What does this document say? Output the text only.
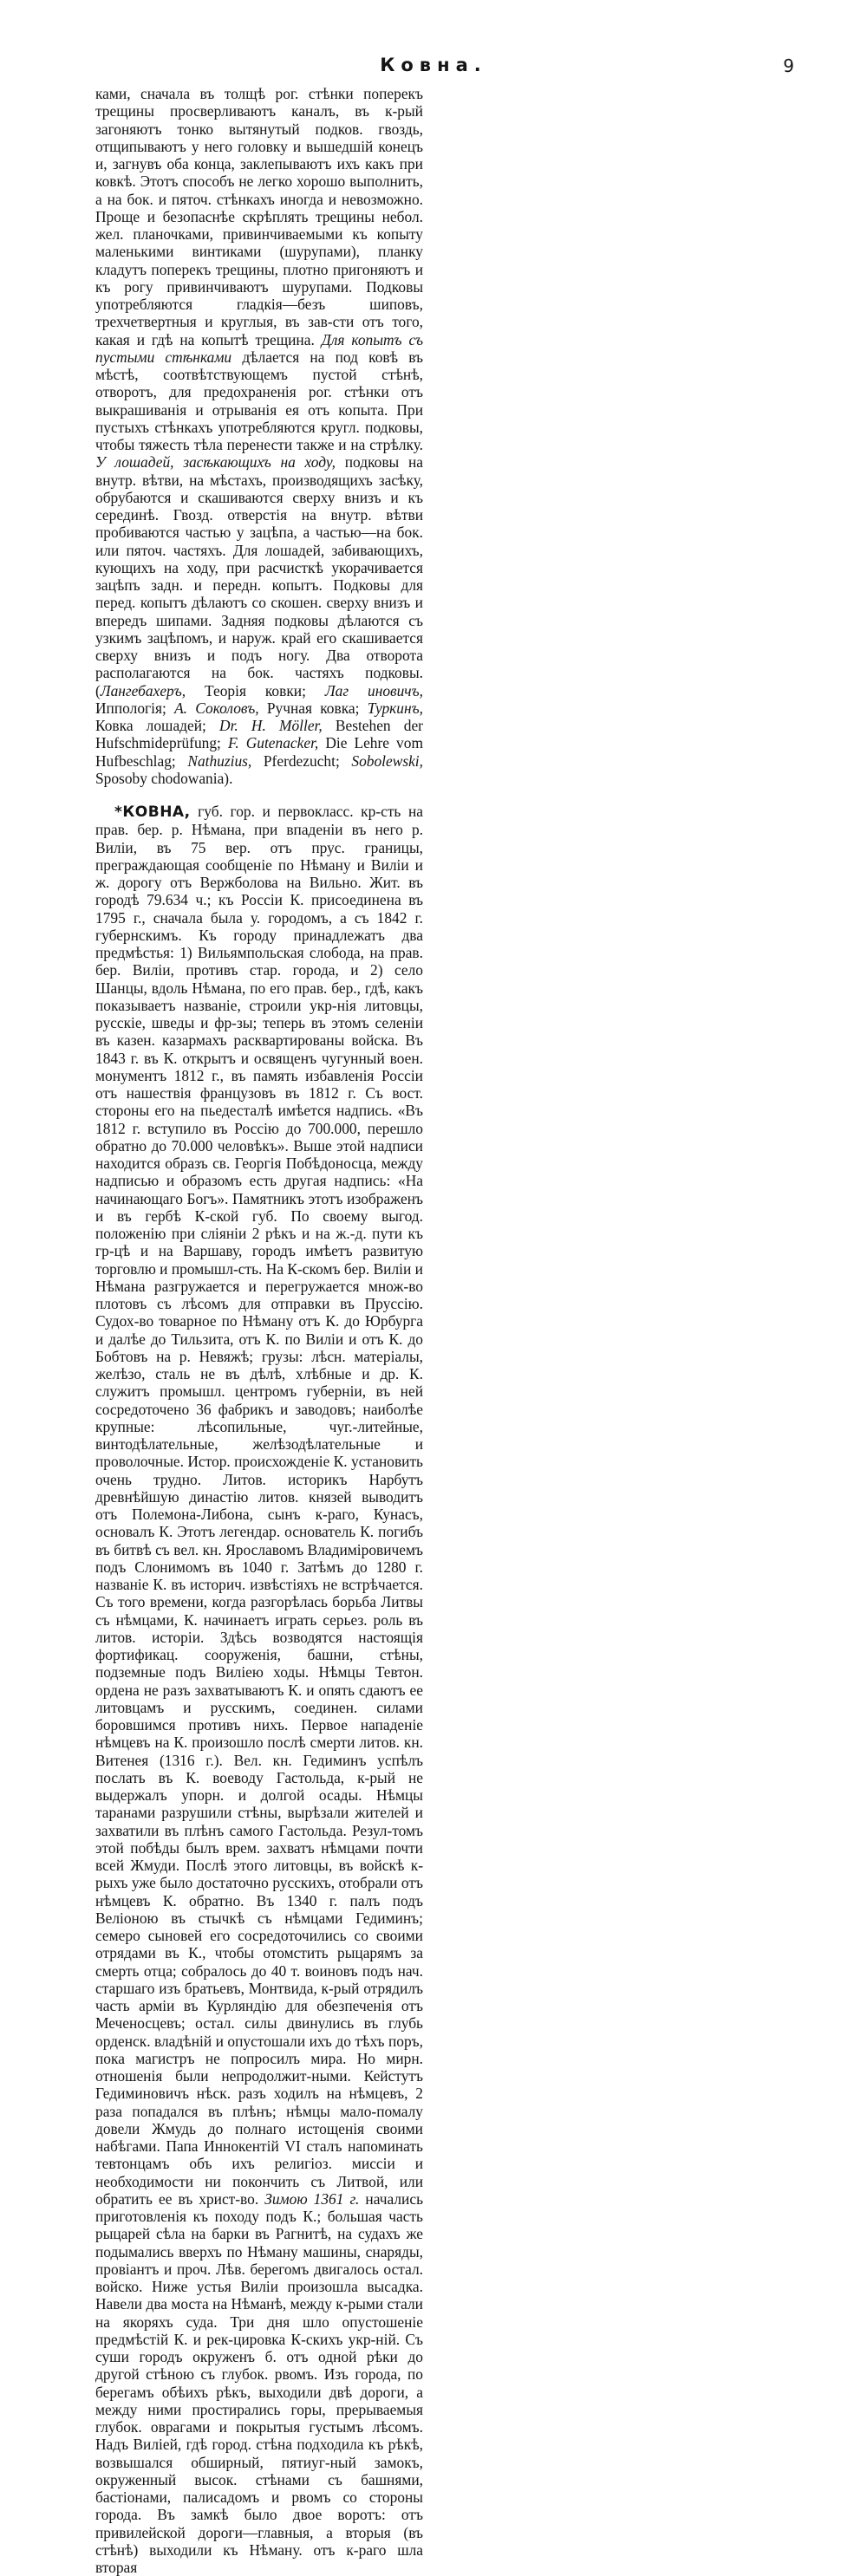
Ковна.	9

ками, сначала въ толщѣ рог. стѣнки поперекъ трещины просверливаютъ каналъ, въ к-рый загоняютъ тонко вытянутый подков. гвоздь, отщипываютъ у него головку и вышедшій конецъ и, загнувъ оба конца, заклепываютъ ихъ какъ при ковкѣ. Этотъ способъ не легко хорошо выполнить, а на бок. и пяточ. стѣнкахъ иногда и невозможно. Проще и безопаснѣе скрѣплять трещины небол. жел. планочками, привинчиваемыми къ копыту маленькими винтиками (шурупами), планку кладутъ поперекъ трещины, плотно пригоняютъ и къ рогу привинчиваютъ шурупами. Подковы употребляются гладкія—безъ шиповъ, трехчетвертныя и круглыя, въ зав-сти отъ того, какая и гдѣ на копытѣ трещина. Для копытъ съ пустыми стѣнками дѣлается на под ковѣ въ мѣстѣ, соотвѣтствующемъ пустой стѣнѣ, отворотъ, для предохраненія рог. стѣнки отъ выкрашиванія и отрыванія ея отъ копыта. При пустыхъ стѣнкахъ употребляются кругл. подковы, чтобы тяжесть тѣла перенести также и на стрѣлку. У лошадей, засѣкающихъ на ходу, подковы на внутр. вѣтви, на мѣстахъ, производящихъ засѣку, обрубаются и скашиваются сверху внизъ и къ серединѣ. Гвозд. отверстія на внутр. вѣтви пробиваются частью у зацѣпа, а частью—на бок. или пяточ. частяхъ. Для лошадей, забивающихъ, кующихъ на ходу, при расчисткѣ укорачивается зацѣпъ задн. и передн. копытъ. Подковы для перед. копытъ дѣлаютъ со скошен. сверху внизъ и впередъ шипами. Задняя подковы дѣлаются съ узкимъ зацѣпомъ, и наруж. край его скашивается сверху внизъ и подъ ногу. Два отворота располагаются на бок. частяхъ подковы. (Лангебахеръ, Теорія ковки; Лаг иновичъ, Иппологія; А. Соколовъ, Ручная ковка; Туркинъ, Ковка лошадей; Dr. H. Möller, Bestehen der Hufschmideprüfung; F. Gutenacker, Die Lehre vom Hufbeschlag; Nathuzius, Pferdezucht; Sobolewski, Sposoby chodowania).

*КОВНА, губ. гор. и первокласс. кр-сть на прав. бер. р. Нѣмана, при впаденіи въ него р. Виліи, въ 75 вер. отъ прус. границы, преграждающая сообщеніе по Нѣману и Виліи и ж. дорогу отъ Вержболова на Вильно. Жит. въ городѣ 79.634 ч.; къ Россіи К. присоединена въ 1795 г., сначала была у. городомъ, а съ 1842 г. губернскимъ. Къ городу принадлежатъ два предмѣстья: 1) Вильямпольская слобода, на прав. бер. Виліи, противъ стар. города, и 2) село Шанцы, вдоль Нѣмана, по его прав. бер., гдѣ, какъ показываетъ названіе, строили укр-нія литовцы, русскіе, шведы и фр-зы; теперь въ этомъ селеніи въ казен. казармахъ расквартированы войска. Въ 1843 г. въ К. открытъ и освященъ чугунный воен. монументъ 1812 г., въ память избавленія Россіи отъ нашествія французовъ въ 1812 г. Съ вост. стороны его на пьедесталѣ имѣется надпись. «Въ 1812 г. вступило въ Россію до 700.000, перешло обратно до 70.000 человѣкъ». Выше этой надписи находится образъ св. Георгія Побѣдоносца, между надписью и образомъ есть другая надпись: «На начинающаго Богъ». Памятникъ этотъ изображенъ и въ гербѣ К-ской губ. По своему выгод. положенію при сліяніи 2 рѣкъ и на ж.-д. пути къ гр-цѣ и на Варшаву, городъ имѣетъ развитую торговлю и промышл-сть. На К-скомъ бер. Виліи и Нѣмана разгружается и перегружается множ-во плотовъ съ лѣсомъ для отправки въ Пруссію. Судох-во товарное по Нѣману отъ К. до Юрбурга и далѣе до Тильзита, отъ К. по Виліи и отъ К. до Бобтовъ на р. Невяжѣ; грузы: лѣсн. матеріалы, желѣзо, сталь не въ дѣлѣ, хлѣбные и др. К. служитъ промышл. центромъ губерніи, въ ней сосредоточено 36 фабрикъ и заводовъ; наиболѣе крупные: лѣсопильные, чуг.-литейные, винтодѣлательные, желѣзодѣлательные и проволочные. Истор. происхожденіе К. установить очень трудно. Литов. историкъ Нарбутъ древнѣйшую династію литов. князей выводитъ отъ Полемона-Либона, сынъ к-раго, Кунасъ, основалъ К. Этотъ легендар. основатель К. погибъ въ битвѣ съ вел. кн. Ярославомъ Владиміровичемъ подъ Слонимомъ въ 1040 г. Затѣмъ до 1280 г. названіе К. въ историч. извѣстіяхъ не встрѣчается. Съ того времени, когда разгорѣлась борьба Литвы съ нѣмцами, К. начинаетъ играть серьез. роль въ литов. исторіи. Здѣсь возводятся настоящія фортификац. сооруженія, башни, стѣны, подземные подъ Виліею ходы. Нѣмцы Тевтон. ордена не разъ захватываютъ К. и опять сдаютъ ее литовцамъ и русскимъ, соединен. силами боровшимся противъ нихъ. Первое нападеніе нѣмцевъ на К. произошло послѣ смерти литов. кн. Витенея (1316 г.). Вел. кн. Гедиминъ успѣлъ послать въ К. воеводу Гастольда, к-рый не выдержалъ упорн. и долгой осады. Нѣмцы таранами разрушили стѣны, вырѣзали жителей и захватили въ плѣнъ самого Гастольда. Резул-томъ этой побѣды былъ врем. захватъ нѣмцами почти всей Жмуди. Послѣ этого литовцы, въ войскѣ к-рыхъ уже было достаточно русскихъ, отобрали отъ нѣмцевъ К. обратно. Въ 1340 г. палъ подъ Веліоною въ стычкѣ съ нѣмцами Гедиминъ; семеро сыновей его сосредоточились со своими отрядами въ К., чтобы отомстить рыцарямъ за смерть отца; собралось до 40 т. воиновъ подъ нач. старшаго изъ братьевъ, Монтвида, к-рый отрядилъ часть арміи въ Курляндію для обезпеченія отъ Меченосцевъ; остал. силы двинулись въ глубь орденск. владѣній и опустошали ихъ до тѣхъ поръ, пока магистръ не попросилъ мира. Но мирн. отношенія были непродолжит-ными. Кейстутъ Гедиминовичъ нѣск. разъ ходилъ на нѣмцевъ, 2 раза попадался въ плѣнъ; нѣмцы мало-помалу довели Жмудь до полнаго истощенія своими набѣгами. Папа Иннокентій VI сталъ напоминать тевтонцамъ объ ихъ религіоз. миссіи и необходимости ни покончить съ Литвой, или обратить ее въ христ-во. Зимою 1361 г. начались приготовленія къ походу подъ К.; большая часть рыцарей сѣла на барки въ Рагнитѣ, на судахъ же подымались вверхъ по Нѣману машины, снаряды, провіантъ и проч. Лѣв. берегомъ двигалось остал. войско. Ниже устья Виліи произошла высадка. Навели два моста на Нѣманѣ, между к-рыми стали на якоряхъ суда. Три дня шло опустошеніе предмѣстій К. и рек-цировка К-скихъ укр-ній. Съ суши городъ окруженъ б. отъ одной рѣки до другой стѣною съ глубок. рвомъ. Изъ города, по берегамъ обѣихъ рѣкъ, выходили двѣ дороги, а между ними простирались горы, прерываемыя глубок. оврагами и покрытыя густымъ лѣсомъ. Надъ Виліей, гдѣ город. стѣна подходила къ рѣкѣ, возвышался обширный, пятиуг-ный замокъ, окруженный высок. стѣнами съ башнями, бастіонами, палисадомъ и рвомъ со стороны города. Въ замкѣ было двое воротъ: отъ привилейской дороги—главныя, а вторыя (въ стѣнѣ) выходили къ Нѣману. отъ к-раго шла вторая
